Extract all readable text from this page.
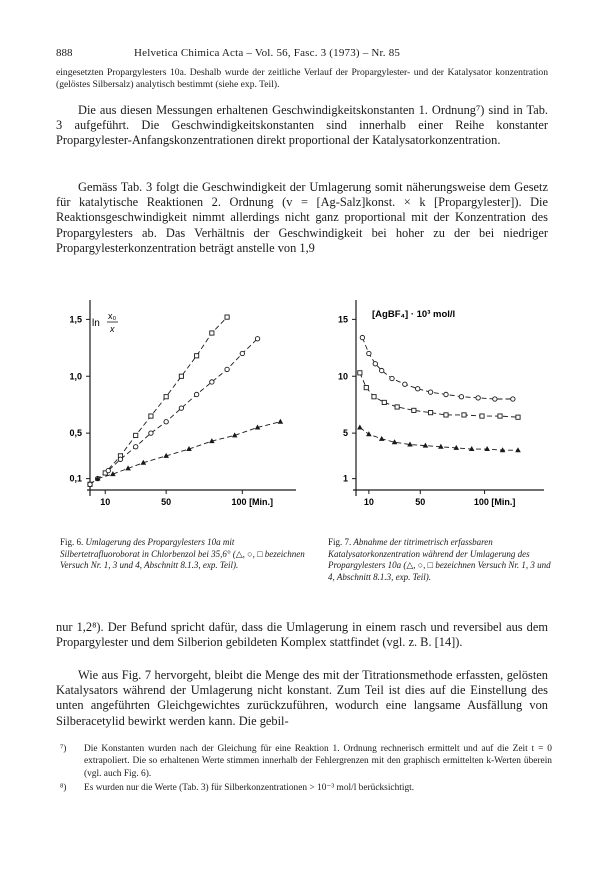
888	Helvetica Chimica Acta – Vol. 56, Fasc. 3 (1973) – Nr. 85

eingesetzten Propargylesters 10a. Deshalb wurde der zeitliche Verlauf der Propargylester- und der Katalysator konzentration (gelöstes Silbersalz) analytisch bestimmt (siehe exp. Teil).

Die aus diesen Messungen erhaltenen Geschwindigkeitskonstanten 1. Ordnung⁷) sind in Tab. 3 aufgeführt. Die Geschwindigkeitskonstanten sind innerhalb einer Reihe konstanter Propargylester-Anfangskonzentrationen direkt proportional der Katalysatorkonzentration.

Gemäss Tab. 3 folgt die Geschwindigkeit der Umlagerung somit näherungsweise dem Gesetz für katalytische Reaktionen 2. Ordnung (v = [Ag-Salz]konst. × k [Propargylester]). Die Reaktionsgeschwindigkeit nimmt allerdings nicht ganz proportional mit der Konzentration des Propargylesters ab. Das Verhältnis der Geschwindigkeit bei hoher zu der bei niedriger Propargylesterkonzentration beträgt anstelle von 1,9

10	50	100 [Min.]
0,1
0,5
1,0
1,5 ln
x₀
x
10	50	100 [Min.]
1
5
10
15	[AgBF₄] · 10³ mol/l
Fig. 6. Umlagerung des Propargylesters 10a mit Silbertetrafluoroborat in Chlorbenzol bei 35,6° (△, ○, □ bezeichnen Versuch Nr. 1, 3 und 4, Abschnitt 8.1.3, exp. Teil).
Fig. 7. Abnahme der titrimetrisch erfassbaren Katalysatorkonzentration während der Umlagerung des Propargylesters 10a (△, ○, □ bezeichnen Versuch Nr. 1, 3 und 4, Abschnitt 8.1.3, exp. Teil).

nur 1,2⁸). Der Befund spricht dafür, dass die Umlagerung in einem rasch und reversibel aus dem Propargylester und dem Silberion gebildeten Komplex stattfindet (vgl. z. B. [14]).

Wie aus Fig. 7 hervorgeht, bleibt die Menge des mit der Titrationsmethode erfassten, gelösten Katalysators während der Umlagerung nicht konstant. Zum Teil ist dies auf die Einstellung des unten angeführten Gleichgewichtes zurückzuführen, wodurch eine langsame Ausfällung von Silberacetylid bewirkt werden kann. Die gebil-

⁷) Die Konstanten wurden nach der Gleichung für eine Reaktion 1. Ordnung rechnerisch ermittelt und auf die Zeit t = 0 extrapoliert. Die so erhaltenen Werte stimmen innerhalb der Fehlergrenzen mit den graphisch ermittelten k-Werten überein (vgl. auch Fig. 6).
⁸) Es wurden nur die Werte (Tab. 3) für Silberkonzentrationen > 10⁻³ mol/l berücksichtigt.
